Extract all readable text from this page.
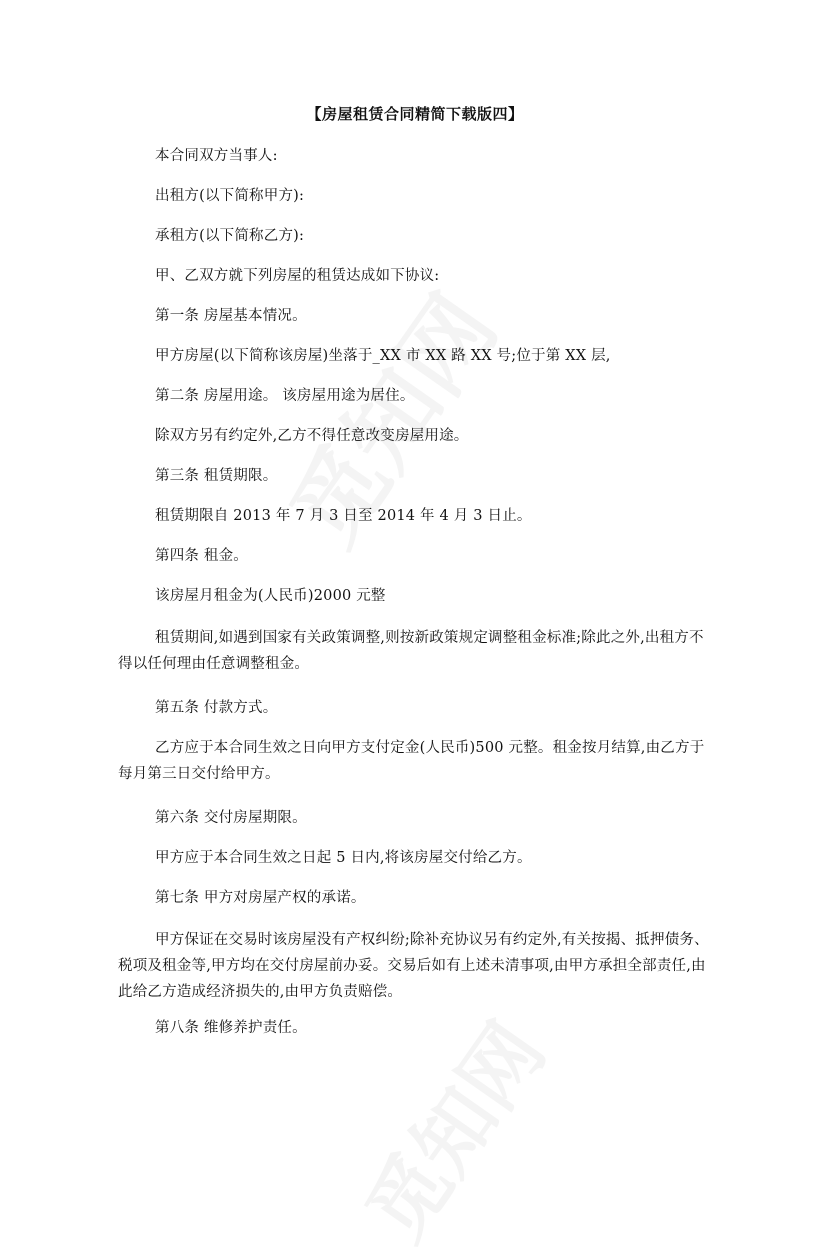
【房屋租赁合同精简下载版四】
本合同双方当事人:
出租方(以下简称甲方):
承租方(以下简称乙方):
甲、乙双方就下列房屋的租赁达成如下协议:
第一条 房屋基本情况。
甲方房屋(以下简称该房屋)坐落于_XX 市 XX 路 XX 号;位于第 XX 层,
第二条 房屋用途。 该房屋用途为居住。
除双方另有约定外,乙方不得任意改变房屋用途。
第三条 租赁期限。
租赁期限自 2013 年 7 月 3 日至 2014 年 4 月 3 日止。
第四条 租金。
该房屋月租金为(人民币)2000 元整
租赁期间,如遇到国家有关政策调整,则按新政策规定调整租金标准;除此之外,出租方不得以任何理由任意调整租金。
第五条 付款方式。
乙方应于本合同生效之日向甲方支付定金(人民币)500 元整。租金按月结算,由乙方于每月第三日交付给甲方。
第六条 交付房屋期限。
甲方应于本合同生效之日起 5 日内,将该房屋交付给乙方。
第七条 甲方对房屋产权的承诺。
甲方保证在交易时该房屋没有产权纠纷;除补充协议另有约定外,有关按揭、抵押债务、税项及租金等,甲方均在交付房屋前办妥。交易后如有上述未清事项,由甲方承担全部责任,由此给乙方造成经济损失的,由甲方负责赔偿。
第八条 维修养护责任。
